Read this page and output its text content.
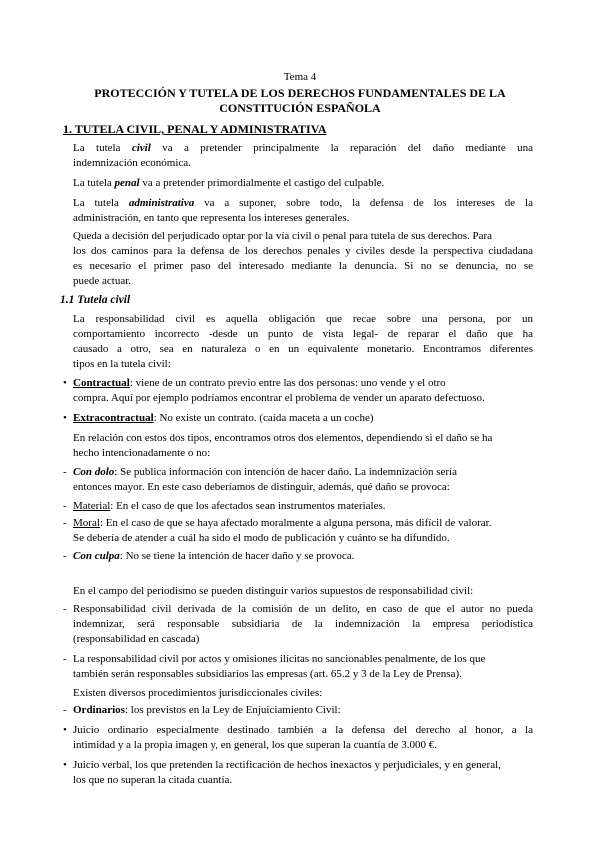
Tema 4

PROTECCIÓN Y TUTELA DE LOS DERECHOS FUNDAMENTALES DE LA

CONSTITUCIÓN ESPAÑOLA

1. TUTELA CIVIL, PENAL Y ADMINISTRATIVA

La tutela civil va a pretender principalmente la reparación del daño mediante una

indemnización económica.

La tutela penal va a pretender primordialmente el castigo del culpable.

La tutela administrativa va a suponer, sobre todo, la defensa de los intereses de la

administración, en tanto que representa los intereses generales.

Queda a decisión del perjudicado optar por la vía civil o penal para tutela de sus derechos. Para

los dos caminos para la defensa de los derechos penales y civiles desde la perspectiva ciudadana

es necesario el primer paso del interesado mediante la denuncia. Si no se denuncia, no se

puede actuar.

1.1 Tutela civil

La responsabilidad civil es aquella obligación que recae sobre una persona, por un

comportamiento incorrecto -desde un punto de vista legal- de reparar el daño que ha

causado a otro, sea en naturaleza o en un equivalente monetario. Encontramos diferentes

tipos en la tutela civil:

• Contractual: viene de un contrato previo entre las dos personas: uno vende y el otro

compra. Aquí por ejemplo podríamos encontrar el problema de vender un aparato defectuoso.

• Extracontractual: No existe un contrato. (caída maceta a un coche)

En relación con estos dos tipos, encontramos otros dos elementos, dependiendo si el daño se ha

hecho intencionadamente o no:

- Con dolo: Se publica información con intención de hacer daño. La indemnización sería

entonces mayor. En este caso deberíamos de distinguir, además, qué daño se provoca:

- Material: En el caso de que los afectados sean instrumentos materiales.

- Moral: En el caso de que se haya afectado moralmente a alguna persona, más difícil de valorar.

Se debería de atender a cuál ha sido el modo de publicación y cuánto se ha difundido.

- Con culpa: No se tiene la intención de hacer daño y se provoca.

En el campo del periodismo se pueden distinguir varios supuestos de responsabilidad civil:

- Responsabilidad civil derivada de la comisión de un delito, en caso de que el autor no pueda

indemnizar, será responsable subsidiaria de la indemnización la empresa periodística

(responsabilidad en cascada)

- La responsabilidad civil por actos y omisiones ilícitas no sancionables penalmente, de los que

también serán responsables subsidiarios las empresas (art. 65.2 y 3 de la Ley de Prensa).

Existen diversos procedimientos jurisdiccionales civiles:

- Ordinarios: los previstos en la Ley de Enjuiciamiento Civil:

• Juicio ordinario especialmente destinado también a la defensa del derecho al honor, a la

intimidad y a la propia imagen y, en general, los que superan la cuantía de 3.000 €.

• Juicio verbal, los que pretenden la rectificación de hechos inexactos y perjudiciales, y en general,

los que no superan la citada cuantía.
